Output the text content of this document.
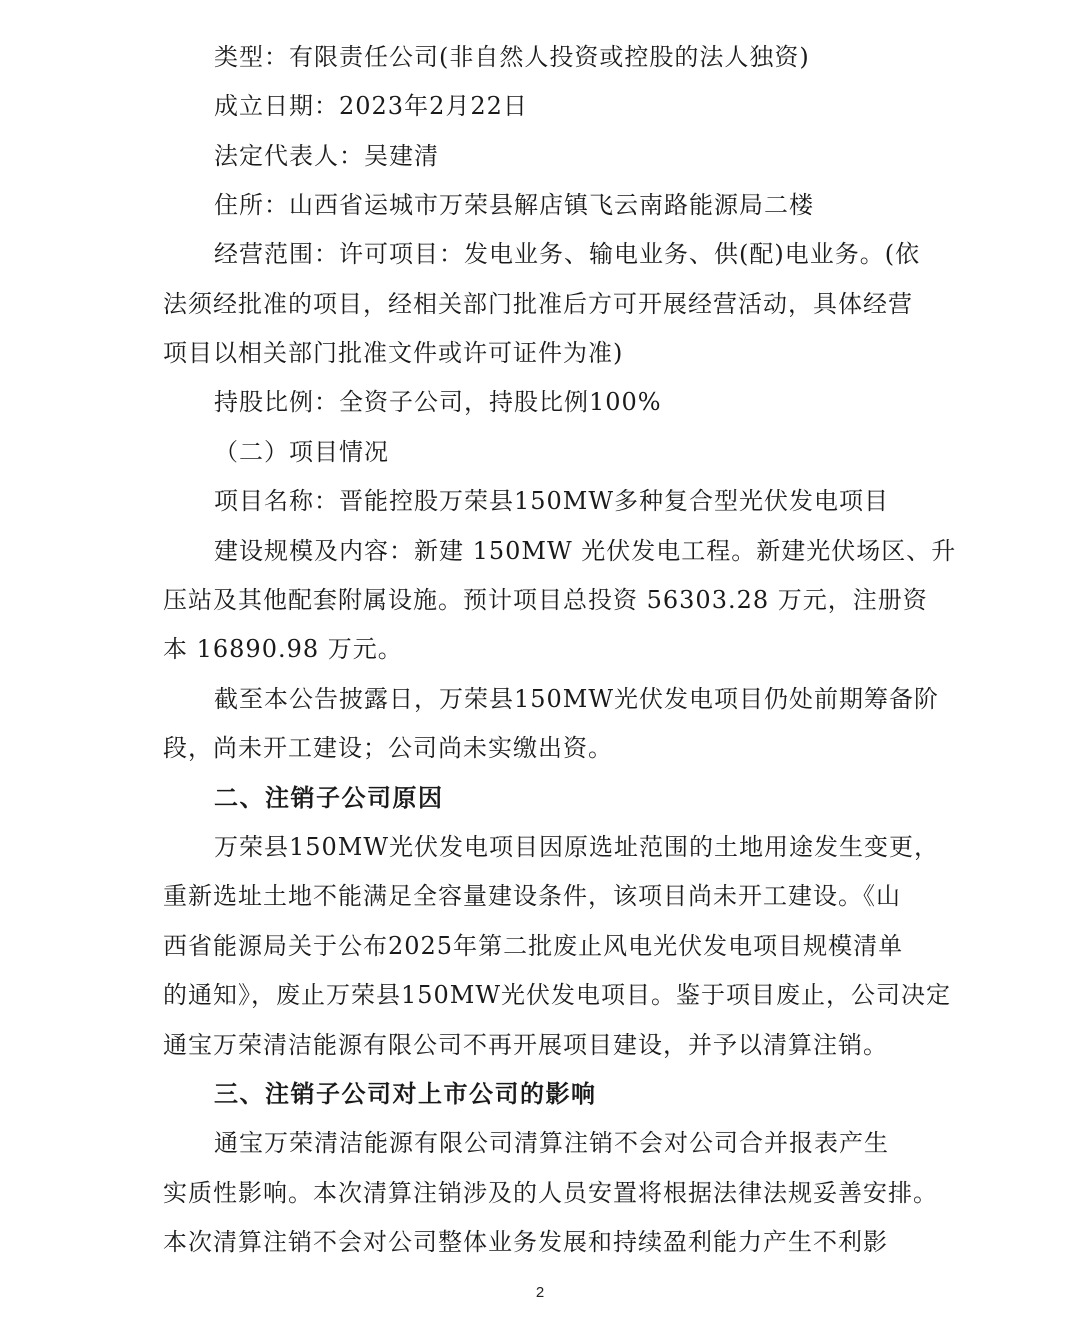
类型：有限责任公司(非自然人投资或控股的法人独资)
成立日期：2023年2月22日
法定代表人：吴建清
住所：山西省运城市万荣县解店镇飞云南路能源局二楼
经营范围：许可项目：发电业务、输电业务、供(配)电业务。(依
法须经批准的项目，经相关部门批准后方可开展经营活动，具体经营
项目以相关部门批准文件或许可证件为准)
持股比例：全资子公司，持股比例100%
（二）项目情况
项目名称：晋能控股万荣县150MW多种复合型光伏发电项目
建设规模及内容：新建 150MW 光伏发电工程。新建光伏场区、升
压站及其他配套附属设施。预计项目总投资 56303.28 万元，注册资
本 16890.98 万元。
截至本公告披露日，万荣县150MW光伏发电项目仍处前期筹备阶
段，尚未开工建设；公司尚未实缴出资。
二、注销子公司原因
万荣县150MW光伏发电项目因原选址范围的土地用途发生变更，
重新选址土地不能满足全容量建设条件，该项目尚未开工建设。《山
西省能源局关于公布2025年第二批废止风电光伏发电项目规模清单
的通知》，废止万荣县150MW光伏发电项目。鉴于项目废止，公司决定
通宝万荣清洁能源有限公司不再开展项目建设，并予以清算注销。
三、注销子公司对上市公司的影响
通宝万荣清洁能源有限公司清算注销不会对公司合并报表产生
实质性影响。本次清算注销涉及的人员安置将根据法律法规妥善安排。
本次清算注销不会对公司整体业务发展和持续盈利能力产生不利影
2
